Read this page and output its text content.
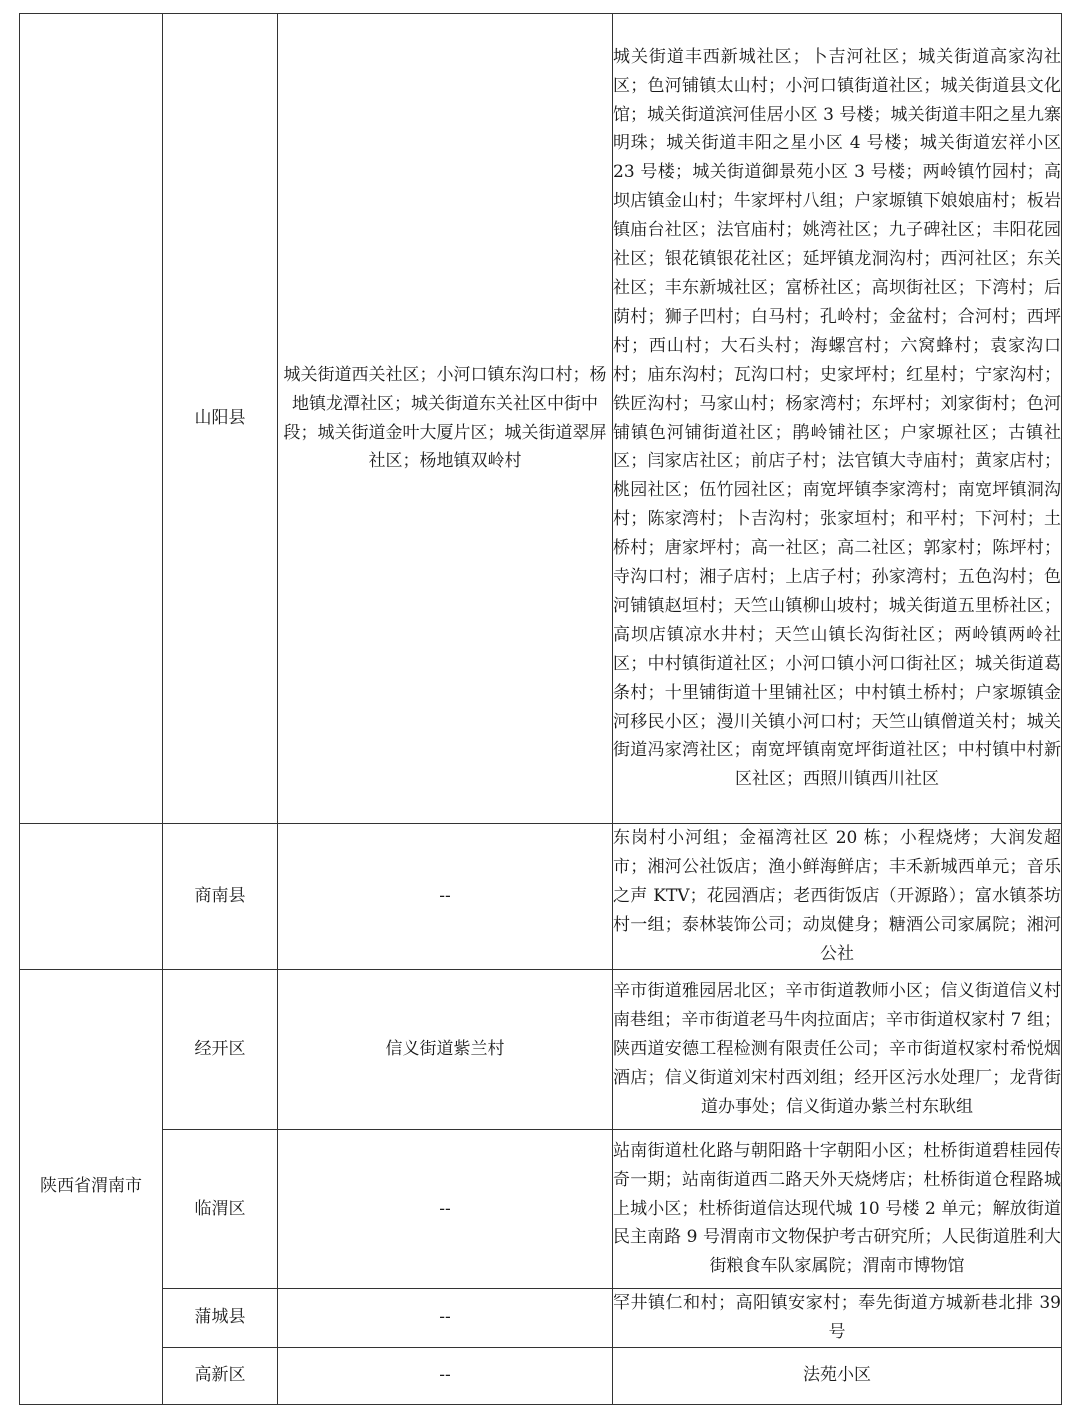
	山阳县	城关街道西关社区；小河口镇东沟口村；杨地镇龙潭社区；城关街道东关社区中街中段；城关街道金叶大厦片区；城关街道翠屏社区；杨地镇双岭村	城关街道丰西新城社区；卜吉河社区；城关街道高家沟社区；色河铺镇太山村；小河口镇街道社区；城关街道县文化馆；城关街道滨河佳居小区 3 号楼；城关街道丰阳之星九寨明珠；城关街道丰阳之星小区 4 号楼；城关街道宏祥小区 23 号楼；城关街道御景苑小区 3 号楼；两岭镇竹园村；高坝店镇金山村；牛家坪村八组；户家塬镇下娘娘庙村；板岩镇庙台社区；法官庙村；姚湾社区；九子碑社区；丰阳花园社区；银花镇银花社区；延坪镇龙洞沟村；西河社区；东关社区；丰东新城社区；富桥社区；高坝街社区；下湾村；后荫村；狮子凹村；白马村；孔岭村；金盆村；合河村；西坪村；西山村；大石头村；海螺宫村；六窝蜂村；袁家沟口村；庙东沟村；瓦沟口村；史家坪村；红星村；宁家沟村；铁匠沟村；马家山村；杨家湾村；东坪村；刘家街村；色河铺镇色河铺街道社区；鹃岭铺社区；户家塬社区；古镇社区；闫家店社区；前店子村；法官镇大寺庙村；黄家店村；桃园社区；伍竹园社区；南宽坪镇李家湾村；南宽坪镇洞沟村；陈家湾村；卜吉沟村；张家垣村；和平村；下河村；土桥村；唐家坪村；高一社区；高二社区；郭家村；陈坪村；寺沟口村；湘子店村；上店子村；孙家湾村；五色沟村；色河铺镇赵垣村；天竺山镇柳山坡村；城关街道五里桥社区；高坝店镇凉水井村；天竺山镇长沟街社区；两岭镇两岭社区；中村镇街道社区；小河口镇小河口街社区；城关街道葛条村；十里铺街道十里铺社区；中村镇土桥村；户家塬镇金河移民小区；漫川关镇小河口村；天竺山镇僧道关村；城关街道冯家湾社区；南宽坪镇南宽坪街道社区；中村镇中村新区社区；西照川镇西川社区
	商南县	--	东岗村小河组；金福湾社区 20 栋；小程烧烤；大润发超市；湘河公社饭店；渔小鲜海鲜店；丰禾新城西单元；音乐之声 KTV；花园酒店；老西街饭店（开源路）；富水镇茶坊村一组；泰林装饰公司；动岚健身；糖酒公司家属院；湘河公社
陕西省渭南市	经开区	信义街道紫兰村	辛市街道雅园居北区；辛市街道教师小区；信义街道信义村南巷组；辛市街道老马牛肉拉面店；辛市街道权家村 7 组；陕西道安德工程检测有限责任公司；辛市街道权家村希悦烟酒店；信义街道刘宋村西刘组；经开区污水处理厂；龙背街道办事处；信义街道办紫兰村东耿组
	临渭区	--	站南街道杜化路与朝阳路十字朝阳小区；杜桥街道碧桂园传奇一期；站南街道西二路天外天烧烤店；杜桥街道仓程路城上城小区；杜桥街道信达现代城 10 号楼 2 单元；解放街道民主南路 9 号渭南市文物保护考古研究所；人民街道胜利大街粮食车队家属院；渭南市博物馆
	蒲城县	--	罕井镇仁和村；高阳镇安家村；奉先街道方城新巷北排 39 号
	高新区	--	法苑小区
